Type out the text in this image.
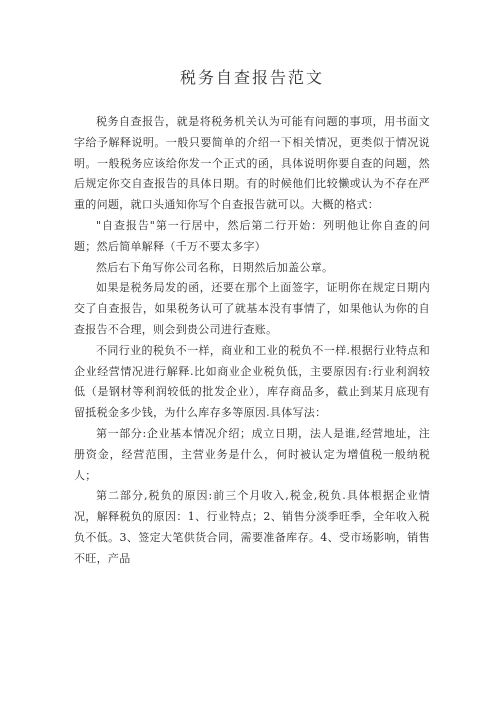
税务自查报告范文

税务自查报告，就是将税务机关认为可能有问题的事项，用书面文字给予解释说明。一般只要简单的介绍一下相关情况，更类似于情况说明。一般税务应该给你发一个正式的函，具体说明你要自查的问题，然后规定你交自查报告的具体日期。有的时候他们比较懒或认为不存在严重的问题，就口头通知你写个自查报告就可以。大概的格式：

"自查报告"第一行居中，然后第二行开始：列明他让你自查的问题；然后简单解释（千万不要太多字）

然后右下角写你公司名称，日期然后加盖公章。

如果是税务局发的函，还要在那个上面签字，证明你在规定日期内交了自查报告，如果税务认可了就基本没有事情了，如果他认为你的自查报告不合理，则会到贵公司进行查账。

不同行业的税负不一样，商业和工业的税负不一样.根据行业特点和企业经营情况进行解释.比如商业企业税负低，主要原因有:行业利润较低（是钢材等利润较低的批发企业），库存商品多，截止到某月底现有留抵税金多少钱，为什么库存多等原因.具体写法：

第一部分:企业基本情况介绍；成立日期，法人是谁,经营地址，注册资金，经营范围，主营业务是什么，何时被认定为增值税一般纳税人；

第二部分,税负的原因:前三个月收入,税金,税负.具体根据企业情况，解释税负的原因：1、行业特点；2、销售分淡季旺季，全年收入税负不低。3、签定大笔供货合同，需要准备库存。4、受市场影响，销售不旺，产品
